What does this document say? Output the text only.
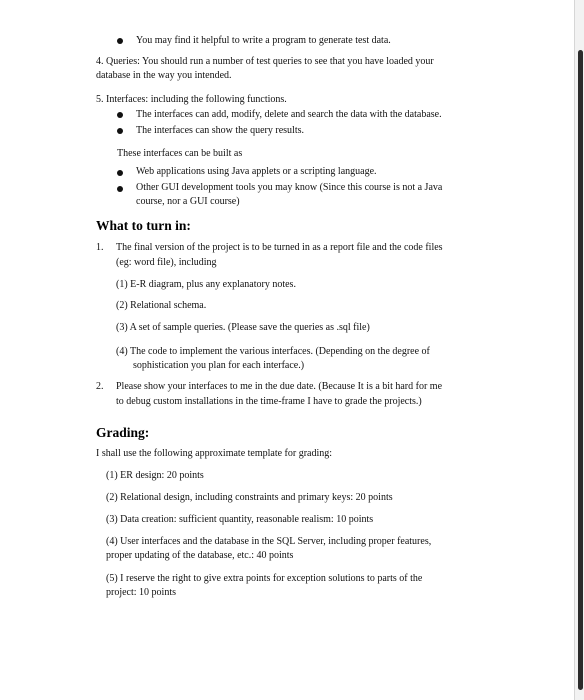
You may find it helpful to write a program to generate test data.
4. Queries: You should run a number of test queries to see that you have loaded your
database in the way you intended.
5. Interfaces: including the following functions.
The interfaces can add, modify, delete and search the data with the database.
The interfaces can show the query results.
These interfaces can be built as
Web applications using Java applets or a scripting language.
Other GUI development tools you may know (Since this course is not a Java
course, nor a GUI course)
What to turn in:
1. The final version of the project is to be turned in as a report file and the code files
(eg: word file), including
(1) E-R diagram, plus any explanatory notes.
(2) Relational schema.
(3) A set of sample queries. (Please save the queries as .sql file)
(4) The code to implement the various interfaces. (Depending on the degree of
sophistication you plan for each interface.)
2. Please show your interfaces to me in the due date. (Because It is a bit hard for me
to debug custom installations in the time-frame I have to grade the projects.)
Grading:
I shall use the following approximate template for grading:
(1) ER design: 20 points
(2) Relational design, including constraints and primary keys: 20 points
(3) Data creation: sufficient quantity, reasonable realism: 10 points
(4) User interfaces and the database in the SQL Server, including proper features,
proper updating of the database, etc.: 40 points
(5) I reserve the right to give extra points for exception solutions to parts of the
project: 10 points
